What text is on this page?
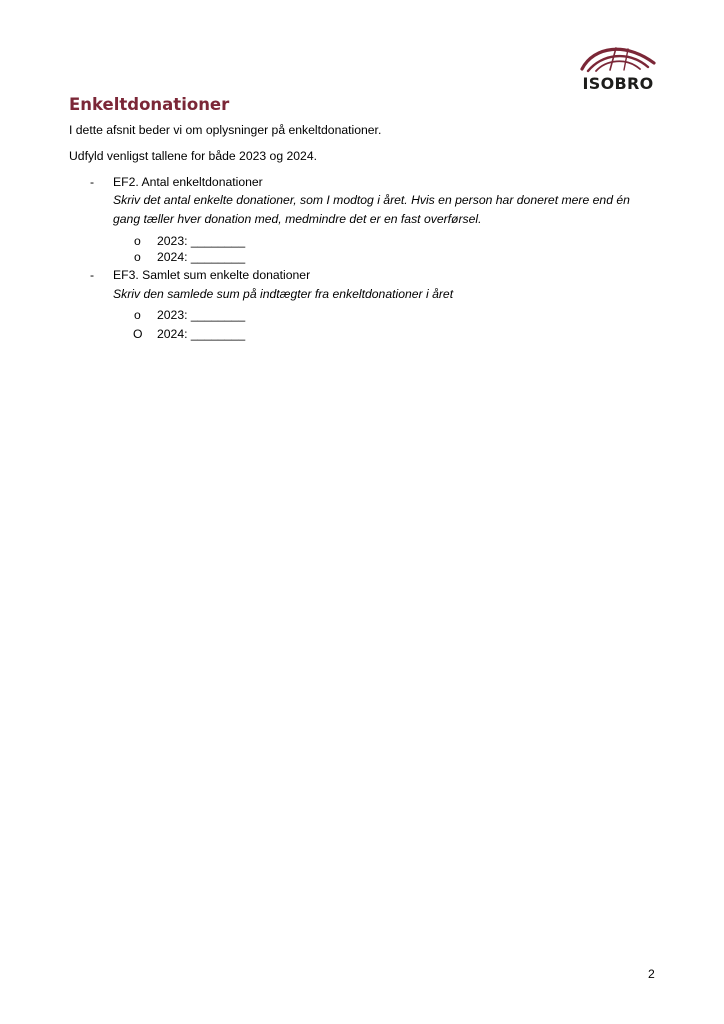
ISOBRO
Enkeltdonationer

I dette afsnit beder vi om oplysninger på enkeltdonationer.

Udfyld venligst tallene for både 2023 og 2024.

- EF2. Antal enkeltdonationer

Skriv det antal enkelte donationer, som I modtog i året. Hvis en person har doneret mere end én gang tæller hver donation med, medmindre det er en fast overførsel.

o 2023: ________
o 2024: ________
- EF3. Samlet sum enkelte donationer

Skriv den samlede sum på indtægter fra enkeltdonationer i året

o 2023: ________
O 2024: ________
2
